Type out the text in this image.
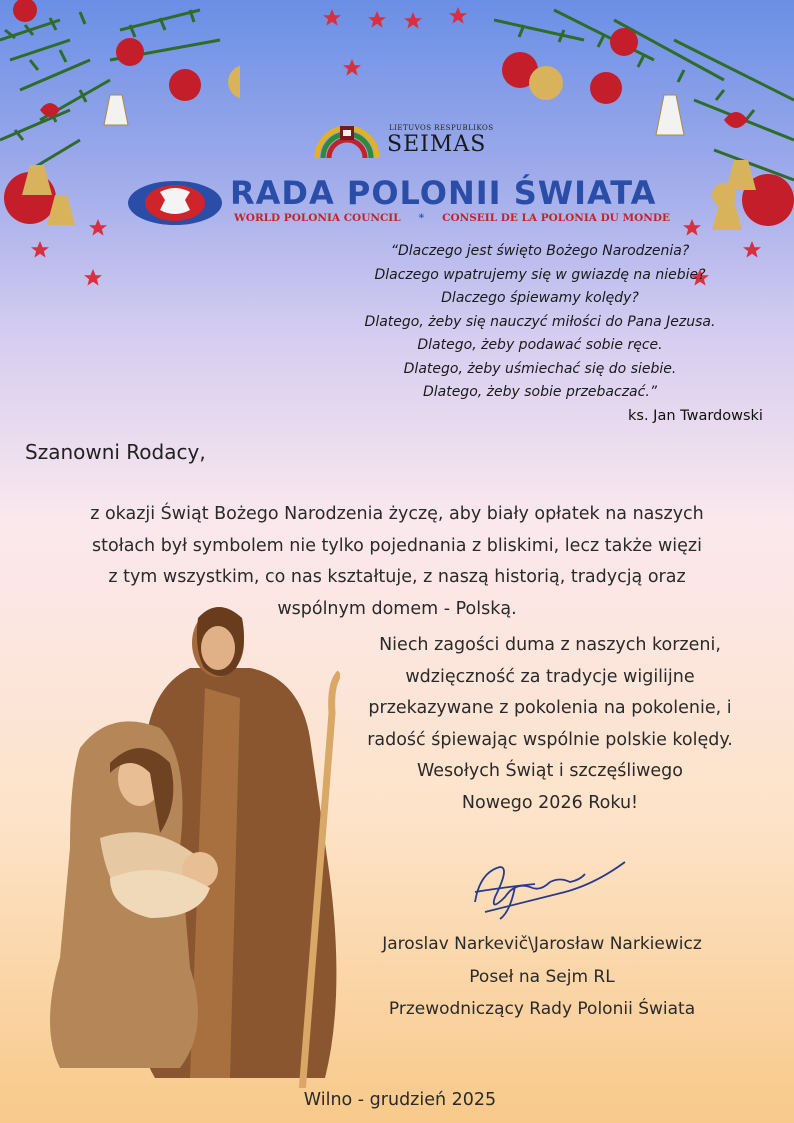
LIETUVOS RESPUBLIKOS
SEIMAS
RADA POLONII ŚWIATA
WORLD POLONIA COUNCIL * CONSEIL DE LA POLONIA DU MONDE
“Dlaczego jest święto Bożego Narodzenia?
Dlaczego wpatrujemy się w gwiazdę na niebie?
Dlaczego śpiewamy kolędy?
Dlatego, żeby się nauczyć miłości do Pana Jezusa.
Dlatego, żeby podawać sobie ręce.
Dlatego, żeby uśmiechać się do siebie.
Dlatego, żeby sobie przebaczać.”
ks. Jan Twardowski
Szanowni Rodacy,
z okazji Świąt Bożego Narodzenia życzę, aby biały opłatek na naszych
stołach był symbolem nie tylko pojednania z bliskimi, lecz także więzi
z tym wszystkim, co nas kształtuje, z naszą historią, tradycją oraz
wspólnym domem - Polską.
Niech zagości duma z naszych korzeni,
wdzięczność za tradycje wigilijne
przekazywane z pokolenia na pokolenie, i
radość śpiewając wspólnie polskie kolędy.
Wesołych Świąt i szczęśliwego
Nowego 2026 Roku!
Jaroslav Narkevič\Jarosław Narkiewicz
Poseł na Sejm RL
Przewodniczący Rady Polonii Świata
Wilno - grudzień 2025
